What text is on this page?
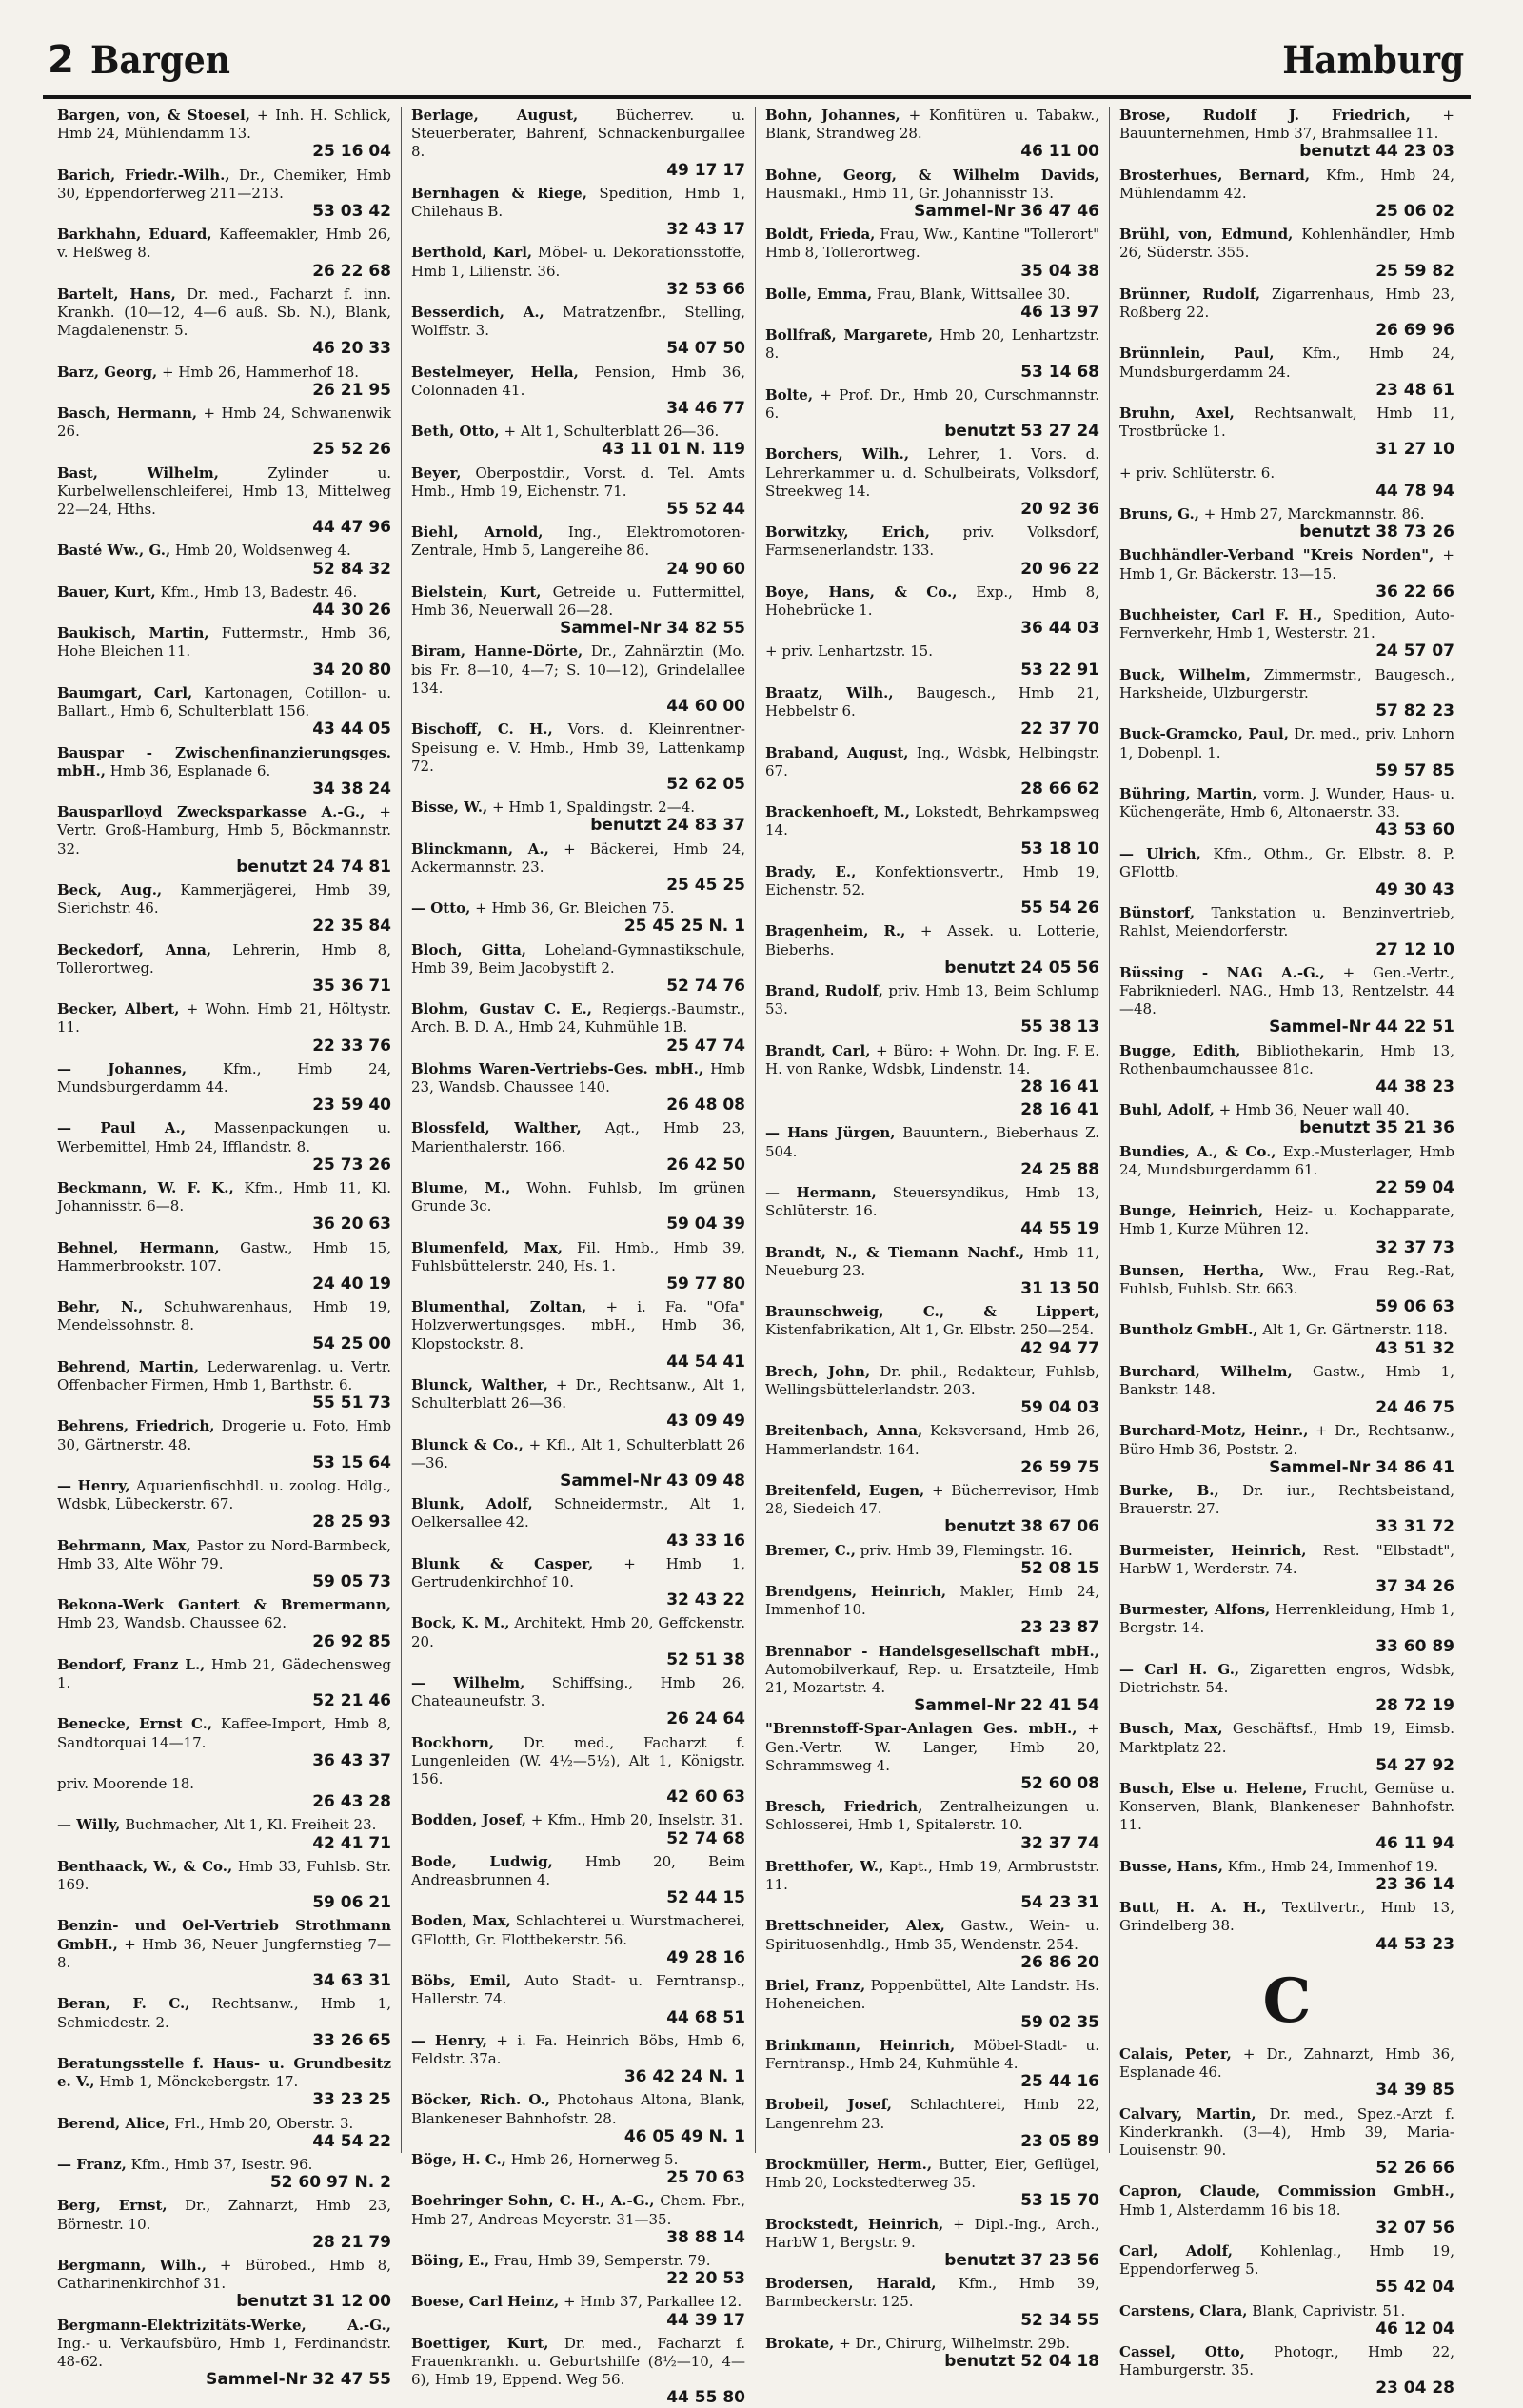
2 Bargen	Hamburg
Bargen, von, & Stoesel, + Inh. H. Schlick, Hmb 24, Mühlendamm 13.
25 16 04
Barich, Friedr.-Wilh., Dr., Chemiker, Hmb 30, Eppendorferweg 211—213.
53 03 42
Barkhahn, Eduard, Kaffeemakler, Hmb 26, v. Heßweg 8.
26 22 68
Bartelt, Hans, Dr. med., Facharzt f. inn. Krankh. (10—12, 4—6 auß. Sb. N.), Blank, Magdalenenstr. 5.
46 20 33
Barz, Georg, + Hmb 26, Hammerhof 18.
26 21 95
Basch, Hermann, + Hmb 24, Schwanenwik 26.
25 52 26
Bast, Wilhelm,	Zylinder u. Kurbelwellenschleiferei, Hmb 13, Mittelweg 22—24, Hths.
44 47 96
Basté Ww., G., Hmb 20, Woldsenweg 4.
52 84 32
Bauer, Kurt, Kfm., Hmb 13, Badestr. 46.
44 30 26
Baukisch, Martin, Futtermstr., Hmb 36, Hohe Bleichen 11.
34 20 80
Baumgart, Carl, Kartonagen, Cotillon- u. Ballart., Hmb 6, Schulterblatt 156.
43 44 05
Bauspar - Zwischenfinanzierungsges. mbH., Hmb 36, Esplanade 6.
34 38 24
Bausparlloyd Zwecksparkasse A.-G., + Vertr. Groß-Hamburg, Hmb 5, Böckmannstr. 32.
benutzt 24 74 81
Beck, Aug., Kammerjägerei, Hmb 39, Sierichstr. 46.
22 35 84
Beckedorf, Anna, Lehrerin, Hmb 8, Tollerortweg.
35 36 71
Becker, Albert, + Wohn. Hmb 21, Höltystr. 11.
22 33 76
— Johannes,	Kfm., Hmb 24, Mundsburgerdamm 44.
23 59 40
— Paul A., Massenpackungen u. Werbemittel, Hmb 24, Ifflandstr. 8.
25 73 26
Beckmann, W. F. K., Kfm., Hmb 11, Kl. Johannisstr. 6—8.
36 20 63
Behnel, Hermann, Gastw., Hmb 15, Hammerbrookstr. 107.
24 40 19
Behr, N., Schuhwarenhaus, Hmb 19, Mendelssohnstr. 8.
54 25 00
Behrend, Martin, Lederwarenlag. u. Vertr. Offenbacher Firmen, Hmb 1, Barthstr. 6.
55 51 73
Behrens, Friedrich, Drogerie u. Foto, Hmb 30, Gärtnerstr. 48.
53 15 64
— Henry, Aquarienfischhdl. u. zoolog. Hdlg., Wdsbk, Lübeckerstr. 67.
28 25 93
Behrmann, Max, Pastor zu Nord-Barmbeck, Hmb 33, Alte Wöhr 79.
59 05 73
Bekona-Werk Gantert & Bremermann, Hmb 23, Wandsb. Chaussee 62.
26 92 85
Bendorf, Franz L., Hmb 21, Gädechensweg 1.
52 21 46
Benecke, Ernst C., Kaffee-Import, Hmb 8, Sandtorquai 14—17.
36 43 37
priv. Moorende 18.
26 43 28
— Willy, Buchmacher, Alt 1, Kl. Freiheit 23.
42 41 71
Benthaack, W., & Co., Hmb 33, Fuhlsb. Str. 169.
59 06 21
Benzin- und Oel-Vertrieb Strothmann GmbH., + Hmb 36, Neuer Jungfernstieg 7—8.
34 63 31
Beran, F. C., Rechtsanw., Hmb 1, Schmiedestr. 2.
33 26 65
Beratungsstelle f. Haus- u. Grundbesitz e. V., Hmb 1, Mönckebergstr. 17.
33 23 25
Berend, Alice, Frl., Hmb 20, Oberstr. 3.
44 54 22
— Franz, Kfm., Hmb 37, Isestr. 96.
52 60 97 N. 2
Berg, Ernst, Dr., Zahnarzt, Hmb 23, Börnestr. 10.
28 21 79
Bergmann, Wilh., + Bürobed., Hmb 8, Catharinenkirchhof 31.
benutzt 31 12 00
Bergmann-Elektrizitäts-Werke, A.-G., Ing.- u. Verkaufsbüro, Hmb 1, Ferdinandstr. 48-62.
Sammel-Nr 32 47 55
Berlage, August,	Bücherrev. u. Steuerberater, Bahrenf, Schnackenburgallee 8.
49 17 17
Bernhagen & Riege, Spedition, Hmb 1, Chilehaus B.
32 43 17
Berthold, Karl, Möbel- u. Dekorationsstoffe, Hmb 1, Lilienstr. 36.
32 53 66
Besserdich, A., Matratzenfbr., Stelling, Wolffstr. 3.
54 07 50
Bestelmeyer, Hella, Pension, Hmb 36, Colonnaden 41.
34 46 77
Beth, Otto, + Alt 1, Schulterblatt 26—36.
43 11 01 N. 119
Beyer, Oberpostdir., Vorst. d. Tel. Amts Hmb., Hmb 19, Eichenstr. 71.
55 52 44
Biehl, Arnold, Ing., Elektromotoren-Zentrale, Hmb 5, Langereihe 86.
24 90 60
Bielstein, Kurt, Getreide u. Futtermittel, Hmb 36, Neuerwall 26—28.
Sammel-Nr 34 82 55
Biram, Hanne-Dörte, Dr., Zahnärztin (Mo. bis Fr. 8—10, 4—7; S. 10—12), Grindelallee 134.
44 60 00
Bischoff, C. H., Vors. d. Kleinrentner-Speisung e. V. Hmb., Hmb 39, Lattenkamp 72.
52 62 05
Bisse, W., + Hmb 1, Spaldingstr. 2—4.
benutzt 24 83 37
Blinckmann, A., + Bäckerei, Hmb 24, Ackermannstr. 23.
25 45 25
— Otto, + Hmb 36, Gr. Bleichen 75.
25 45 25 N. 1
Bloch, Gitta, Loheland-Gymnastikschule, Hmb 39, Beim Jacobystift 2.
52 74 76
Blohm, Gustav C. E., Regiergs.-Baumstr., Arch. B. D. A., Hmb 24, Kuhmühle 1B.
25 47 74
Blohms Waren-Vertriebs-Ges. mbH., Hmb 23, Wandsb. Chaussee 140.
26 48 08
Blossfeld, Walther, Agt., Hmb 23, Marienthalerstr. 166.
26 42 50
Blume, M., Wohn. Fuhlsb, Im grünen Grunde 3c.
59 04 39
Blumenfeld, Max, Fil. Hmb., Hmb 39, Fuhlsbüttelerstr. 240, Hs. 1.
59 77 80
Blumenthal, Zoltan, + i. Fa. "Ofa" Holzverwertungsges. mbH., Hmb 36, Klopstockstr. 8.
44 54 41
Blunck, Walther, + Dr., Rechtsanw., Alt 1, Schulterblatt 26—36.
43 09 49
Blunck & Co., + Kfl., Alt 1, Schulterblatt 26—36.
Sammel-Nr 43 09 48
Blunk, Adolf, Schneidermstr., Alt 1, Oelkersallee 42.
43 33 16
Blunk & Casper, + Hmb 1, Gertrudenkirchhof 10.
32 43 22
Bock, K. M., Architekt, Hmb 20, Geffckenstr. 20.
52 51 38
— Wilhelm, Schiffsing., Hmb 26, Chateauneufstr. 3.
26 24 64
Bockhorn, Dr. med., Facharzt f. Lungenleiden (W. 4½—5½), Alt 1, Königstr. 156.
42 60 63
Bodden, Josef, + Kfm., Hmb 20, Inselstr. 31.
52 74 68
Bode, Ludwig, Hmb 20, Beim Andreasbrunnen 4.
52 44 15
Boden, Max, Schlachterei u. Wurstmacherei, GFlottb, Gr. Flottbekerstr. 56.
49 28 16
Böbs, Emil, Auto Stadt- u. Ferntransp., Hallerstr. 74.
44 68 51
— Henry, + i. Fa. Heinrich Böbs, Hmb 6, Feldstr. 37a.
36 42 24 N. 1
Böcker, Rich. O., Photohaus Altona, Blank, Blankeneser Bahnhofstr. 28.
46 05 49 N. 1
Böge, H. C., Hmb 26, Hornerweg 5.
25 70 63
Boehringer Sohn, C. H., A.-G., Chem. Fbr., Hmb 27, Andreas Meyerstr. 31—35.
38 88 14
Böing, E., Frau, Hmb 39, Semperstr. 79.
22 20 53
Boese, Carl Heinz, + Hmb 37, Parkallee 12.
44 39 17
Boettiger, Kurt, Dr. med., Facharzt f. Frauenkrankh. u. Geburtshilfe (8½—10, 4—6), Hmb 19, Eppend. Weg 56.
44 55 80
Bohn, Johannes, + Konfitüren u. Tabakw., Blank, Strandweg 28.
46 11 00
Bohne, Georg, & Wilhelm Davids, Hausmakl., Hmb 11, Gr. Johannisstr 13.
Sammel-Nr 36 47 46
Boldt, Frieda, Frau, Ww., Kantine "Tollerort" Hmb 8, Tollerortweg.
35 04 38
Bolle, Emma, Frau, Blank, Wittsallee 30.
46 13 97
Bollfraß, Margarete, Hmb 20, Lenhartzstr. 8.
53 14 68
Bolte, + Prof. Dr., Hmb 20, Curschmannstr. 6.
benutzt 53 27 24
Borchers, Wilh., Lehrer, 1. Vors. d. Lehrerkammer u. d. Schulbeirats, Volksdorf, Streekweg 14.
20 92 36
Borwitzky, Erich, priv. Volksdorf, Farmsenerlandstr. 133.
20 96 22
Boye, Hans, & Co., Exp., Hmb 8, Hohebrücke 1.
36 44 03
+ priv. Lenhartzstr. 15.
53 22 91
Braatz, Wilh., Baugesch., Hmb 21, Hebbelstr 6.
22 37 70
Braband, August, Ing., Wdsbk, Helbingstr. 67.
28 66 62
Brackenhoeft, M., Lokstedt, Behrkampsweg 14.
53 18 10
Brady, E., Konfektionsvertr., Hmb 19, Eichenstr. 52.
55 54 26
Bragenheim, R., + Assek. u. Lotterie, Bieberhs.
benutzt 24 05 56
Brand, Rudolf, priv. Hmb 13, Beim Schlump 53.
55 38 13
Brandt, Carl, + Büro: + Wohn. Dr. Ing. F. E. H. von Ranke, Wdsbk, Lindenstr. 14.
28 16 41
28 16 41
— Hans Jürgen, Bauuntern., Bieberhaus Z. 504.
24 25 88
— Hermann, Steuersyndikus, Hmb 13, Schlüterstr. 16.
44 55 19
Brandt, N., & Tiemann Nachf., Hmb 11, Neueburg 23.
31 13 50
Braunschweig, C., & Lippert, Kistenfabrikation, Alt 1, Gr. Elbstr. 250—254.
42 94 77
Brech, John, Dr. phil., Redakteur, Fuhlsb, Wellingsbüttelerlandstr. 203.
59 04 03
Breitenbach, Anna, Keksversand, Hmb 26, Hammerlandstr. 164.
26 59 75
Breitenfeld, Eugen, + Bücherrevisor, Hmb 28, Siedeich 47.
benutzt 38 67 06
Bremer, C., priv. Hmb 39, Flemingstr. 16.
52 08 15
Brendgens, Heinrich, Makler, Hmb 24, Immenhof 10.
23 23 87
Brennabor - Handelsgesellschaft mbH., Automobilverkauf, Rep. u. Ersatzteile, Hmb 21, Mozartstr. 4.
Sammel-Nr 22 41 54
"Brennstoff-Spar-Anlagen Ges. mbH., + Gen.-Vertr. W. Langer, Hmb 20, Schrammsweg 4.
52 60 08
Bresch, Friedrich, Zentralheizungen u. Schlosserei, Hmb 1, Spitalerstr. 10.
32 37 74
Bretthofer, W., Kapt., Hmb 19, Armbruststr. 11.
54 23 31
Brettschneider, Alex, Gastw., Wein- u. Spirituosenhdlg., Hmb 35, Wendenstr. 254.
26 86 20
Briel, Franz, Poppenbüttel, Alte Landstr. Hs. Hoheneichen.
59 02 35
Brinkmann, Heinrich, Möbel-Stadt- u. Ferntransp., Hmb 24, Kuhmühle 4.
25 44 16
Brobeil, Josef, Schlachterei, Hmb 22, Langenrehm 23.
23 05 89
Brockmüller, Herm., Butter, Eier, Geflügel, Hmb 20, Lockstedterweg 35.
53 15 70
Brockstedt, Heinrich, + Dipl.-Ing., Arch., HarbW 1, Bergstr. 9.
benutzt 37 23 56
Brodersen, Harald, Kfm., Hmb 39, Barmbeckerstr. 125.
52 34 55
Brokate, + Dr., Chirurg, Wilhelmstr. 29b.
benutzt 52 04 18
Brose, Rudolf J. Friedrich, + Bauunternehmen, Hmb 37, Brahmsallee 11.
benutzt 44 23 03
Brosterhues, Bernard, Kfm., Hmb 24, Mühlendamm 42.
25 06 02
Brühl, von, Edmund, Kohlenhändler, Hmb 26, Süderstr. 355.
25 59 82
Brünner, Rudolf, Zigarrenhaus, Hmb 23, Roßberg 22.
26 69 96
Brünnlein, Paul, Kfm., Hmb 24, Mundsburgerdamm 24.
23 48 61
Bruhn, Axel, Rechtsanwalt, Hmb 11, Trostbrücke 1.
31 27 10
+ priv. Schlüterstr. 6.
44 78 94
Bruns, G., + Hmb 27, Marckmannstr. 86.
benutzt 38 73 26
Buchhändler-Verband "Kreis Norden", + Hmb 1, Gr. Bäckerstr. 13—15.
36 22 66
Buchheister, Carl F. H., Spedition, Auto-Fernverkehr, Hmb 1, Westerstr. 21.
24 57 07
Buck, Wilhelm, Zimmermstr., Baugesch., Harksheide, Ulzburgerstr.
57 82 23
Buck-Gramcko, Paul, Dr. med., priv. Lnhorn 1, Dobenpl. 1.
59 57 85
Bühring, Martin, vorm. J. Wunder, Haus- u. Küchengeräte, Hmb 6, Altonaerstr. 33.
43 53 60
— Ulrich, Kfm., Othm., Gr. Elbstr. 8. P. GFlottb.
49 30 43
Bünstorf, Tankstation u. Benzinvertrieb, Rahlst, Meiendorferstr.
27 12 10
Büssing - NAG A.-G., + Gen.-Vertr., Fabrikniederl. NAG., Hmb 13, Rentzelstr. 44—48.
Sammel-Nr 44 22 51
Bugge, Edith, Bibliothekarin, Hmb 13, Rothenbaumchaussee 81c.
44 38 23
Buhl, Adolf, + Hmb 36, Neuer wall 40.
benutzt 35 21 36
Bundies, A., & Co., Exp.-Musterlager, Hmb 24, Mundsburgerdamm 61.
22 59 04
Bunge, Heinrich, Heiz- u. Kochapparate, Hmb 1, Kurze Mühren 12.
32 37 73
Bunsen, Hertha, Ww., Frau Reg.-Rat, Fuhlsb, Fuhlsb. Str. 663.
59 06 63
Buntholz GmbH., Alt 1, Gr. Gärtnerstr. 118.
43 51 32
Burchard, Wilhelm, Gastw., Hmb 1, Bankstr. 148.
24 46 75
Burchard-Motz, Heinr., + Dr., Rechtsanw., Büro Hmb 36, Poststr. 2.
Sammel-Nr 34 86 41
Burke, B., Dr. iur., Rechtsbeistand, Brauerstr. 27.
33 31 72
Burmeister, Heinrich, Rest. "Elbstadt", HarbW 1, Werderstr. 74.
37 34 26
Burmester, Alfons, Herrenkleidung, Hmb 1, Bergstr. 14.
33 60 89
— Carl H. G., Zigaretten engros, Wdsbk, Dietrichstr. 54.
28 72 19
Busch, Max, Geschäftsf., Hmb 19, Eimsb. Marktplatz 22.
54 27 92
Busch, Else u. Helene, Frucht, Gemüse u. Konserven, Blank, Blankeneser Bahnhofstr. 11.
46 11 94
Busse, Hans, Kfm., Hmb 24, Immenhof 19.
23 36 14
Butt, H. A. H., Textilvertr., Hmb 13, Grindelberg 38.
44 53 23
C
Calais, Peter, + Dr., Zahnarzt, Hmb 36, Esplanade 46.
34 39 85
Calvary, Martin, Dr. med., Spez.-Arzt f. Kinderkrankh. (3—4), Hmb 39, Maria-Louisenstr. 90.
52 26 66
Capron, Claude, Commission GmbH., Hmb 1, Alsterdamm 16 bis 18.
32 07 56
Carl, Adolf, Kohlenlag., Hmb 19, Eppendorferweg 5.
55 42 04
Carstens, Clara, Blank, Caprivistr. 51.
46 12 04
Cassel, Otto, Photogr., Hmb 22, Hamburgerstr. 35.
23 04 28
